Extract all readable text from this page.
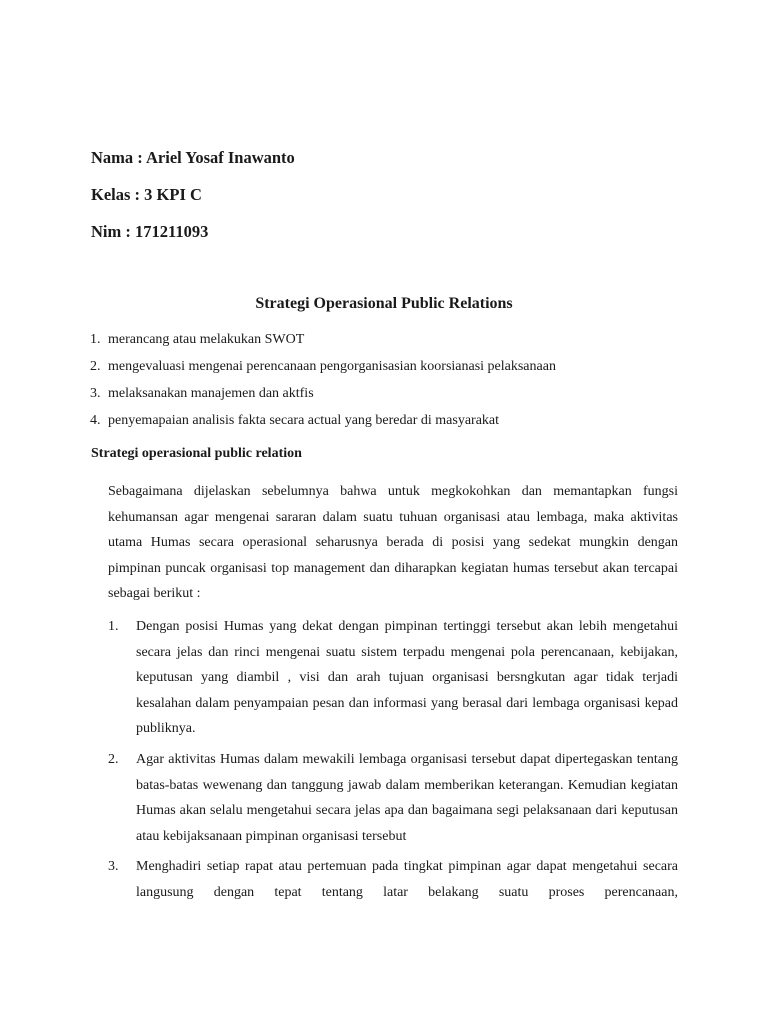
Nama : Ariel Yosaf Inawanto
Kelas : 3 KPI C
Nim : 171211093
Strategi Operasional Public Relations
1. merancang atau melakukan SWOT
2. mengevaluasi mengenai perencanaan pengorganisasian koorsianasi pelaksanaan
3. melaksanakan manajemen dan aktfis
4. penyemapaian analisis fakta secara actual yang beredar di masyarakat
Strategi operasional public relation

Sebagaimana dijelaskan sebelumnya bahwa untuk megkokohkan dan memantapkan fungsi kehumansan agar mengenai sararan dalam suatu tuhuan organisasi atau lembaga, maka aktivitas utama Humas secara operasional seharusnya berada di posisi yang sedekat mungkin dengan pimpinan puncak organisasi top management dan diharapkan kegiatan humas tersebut akan tercapai sebagai berikut :

1.	Dengan posisi Humas yang dekat dengan pimpinan tertinggi tersebut akan lebih mengetahui secara jelas dan rinci mengenai suatu sistem terpadu mengenai pola perencanaan, kebijakan, keputusan yang diambil , visi dan arah tujuan organisasi bersngkutan agar tidak terjadi kesalahan dalam penyampaian pesan dan informasi yang berasal dari lembaga organisasi kepad publiknya.
2.	Agar aktivitas Humas dalam mewakili lembaga organisasi tersebut dapat dipertegaskan tentang batas-batas wewenang dan tanggung jawab dalam memberikan keterangan. Kemudian kegiatan Humas akan selalu mengetahui secara jelas apa dan bagaimana segi pelaksanaan dari keputusan atau kebijaksanaan pimpinan organisasi tersebut
3.	Menghadiri setiap rapat atau pertemuan pada tingkat pimpinan agar dapat mengetahui secara langusung dengan tepat tentang latar belakang suatu proses perencanaan,
